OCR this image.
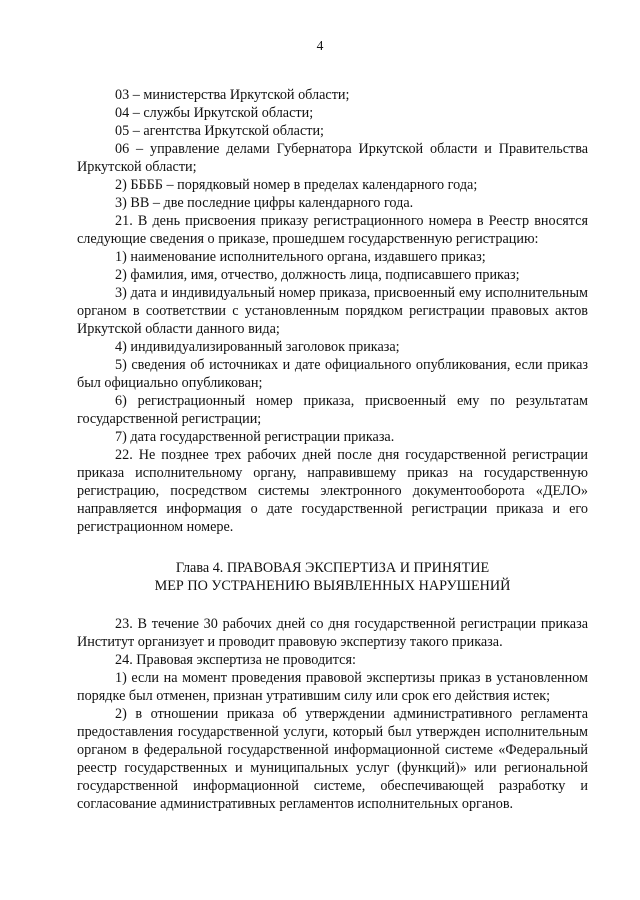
4

03 – министерства Иркутской области;

04 – службы Иркутской области;

05 – агентства Иркутской области;

06 – управление делами Губернатора Иркутской области и Правительства Иркутской области;

2) ББББ – порядковый номер в пределах календарного года;

3) ВВ – две последние цифры календарного года.

21. В день присвоения приказу регистрационного номера в Реестр вносятся следующие сведения о приказе, прошедшем государственную регистрацию:

1) наименование исполнительного органа, издавшего приказ;

2) фамилия, имя, отчество, должность лица, подписавшего приказ;

3) дата и индивидуальный номер приказа, присвоенный ему исполнительным органом в соответствии с установленным порядком регистрации правовых актов Иркутской области данного вида;

4) индивидуализированный заголовок приказа;

5) сведения об источниках и дате официального опубликования, если приказ был официально опубликован;

6) регистрационный номер приказа, присвоенный ему по результатам государственной регистрации;

7) дата государственной регистрации приказа.

22. Не позднее трех рабочих дней после дня государственной регистрации приказа исполнительному органу, направившему приказ на государственную регистрацию, посредством системы электронного документооборота «ДЕЛО» направляется информация о дате государственной регистрации приказа и его регистрационном номере.

Глава 4. ПРАВОВАЯ ЭКСПЕРТИЗА И ПРИНЯТИЕ
МЕР ПО УСТРАНЕНИЮ ВЫЯВЛЕННЫХ НАРУШЕНИЙ

23. В течение 30 рабочих дней со дня государственной регистрации приказа Институт организует и проводит правовую экспертизу такого приказа.

24. Правовая экспертиза не проводится:

1) если на момент проведения правовой экспертизы приказ в установленном порядке был отменен, признан утратившим силу или срок его действия истек;

2) в отношении приказа об утверждении административного регламента предоставления государственной услуги, который был утвержден исполнительным органом в федеральной государственной информационной системе «Федеральный реестр государственных и муниципальных услуг (функций)» или региональной государственной информационной системе, обеспечивающей разработку и согласование административных регламентов исполнительных органов.
